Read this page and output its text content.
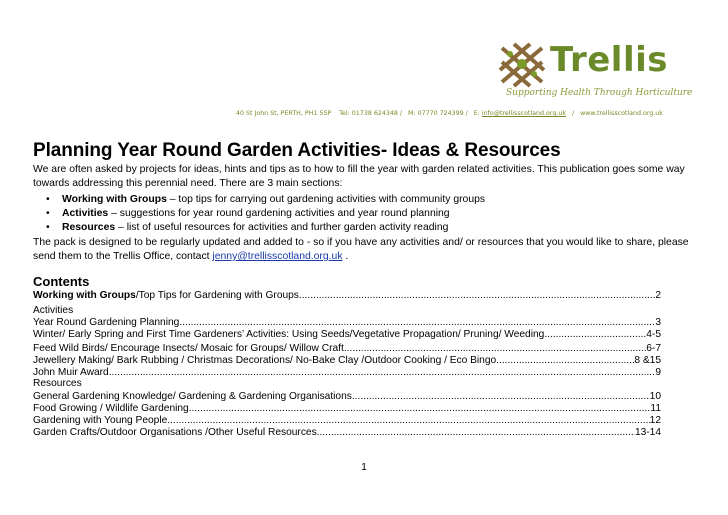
Trellis
Supporting Health Through Horticulture
40 St John St, PERTH, PH1 5SP Tel: 01738 624348 / M: 07770 724399 / E: info@trellisscotland.org.uk / www.trellisscotland.org.uk
Planning Year Round Garden Activities- Ideas & Resources

We are often asked by projects for ideas, hints and tips as to how to fill the year with garden related activities. This publication goes some way towards addressing this perennial need. There are 3 main sections:

• Working with Groups – top tips for carrying out gardening activities with community groups
• Activities – suggestions for year round gardening activities and year round planning
• Resources – list of useful resources for activities and further garden activity reading

The pack is designed to be regularly updated and added to - so if you have any activities and/ or resources that you would like to share, please send them to the Trellis Office, contact jenny@trellisscotland.org.uk .

Contents
Working with Groups/Top Tips for Gardening with Groups .....	2
Activities
Year Round Gardening Planning .....	3
Winter/ Early Spring and First Time Gardeners’ Activities: Using Seeds/Vegetative Propagation/ Pruning/ Weeding .....	4-5
Feed Wild Birds/ Encourage Insects/ Mosaic for Groups/ Willow Craft .....	6-7
Jewellery Making/ Bark Rubbing / Christmas Decorations/ No-Bake Clay /Outdoor Cooking / Eco Bingo .....	8 &15
John Muir Award .....	9
Resources
General Gardening Knowledge/ Gardening & Gardening Organisations .....	10
Food Growing / Wildlife Gardening .....	11
Gardening with Young People .....	12
Garden Crafts/Outdoor Organisations /Other Useful Resources .....	13-14
1
